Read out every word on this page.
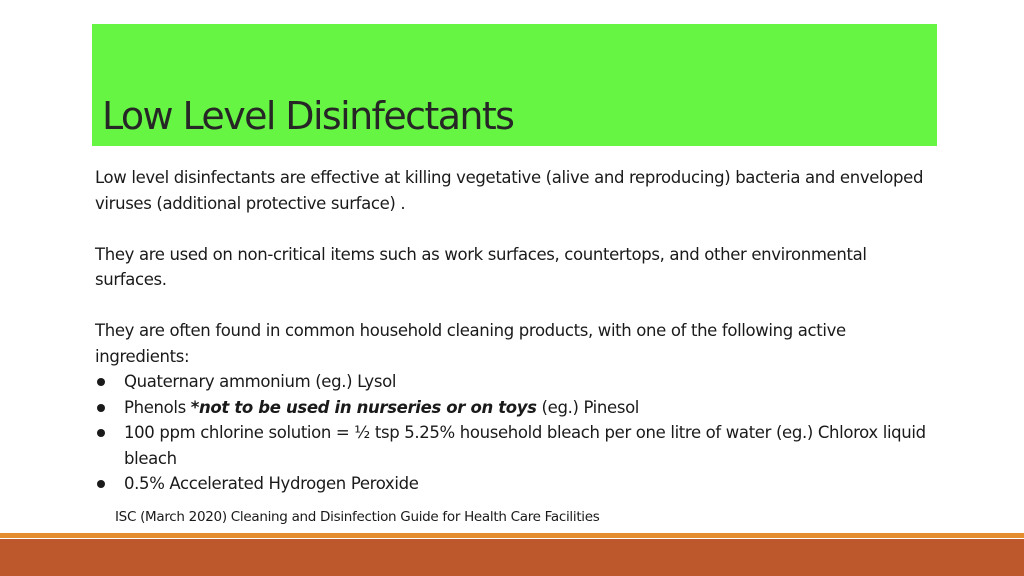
Low Level Disinfectants

Low level disinfectants are effective at killing vegetative (alive and reproducing) bacteria and enveloped viruses (additional protective surface) .

They are used on non-critical items such as work surfaces, countertops, and other environmental surfaces.

They are often found in common household cleaning products, with one of the following active ingredients:

Quaternary ammonium (eg.) Lysol
Phenols *not to be used in nurseries or on toys (eg.) Pinesol
100 ppm chlorine solution = ½ tsp 5.25% household bleach per one litre of water (eg.) Chlorox liquid bleach
0.5% Accelerated Hydrogen Peroxide
ISC (March 2020) Cleaning and Disinfection Guide for Health Care Facilities
